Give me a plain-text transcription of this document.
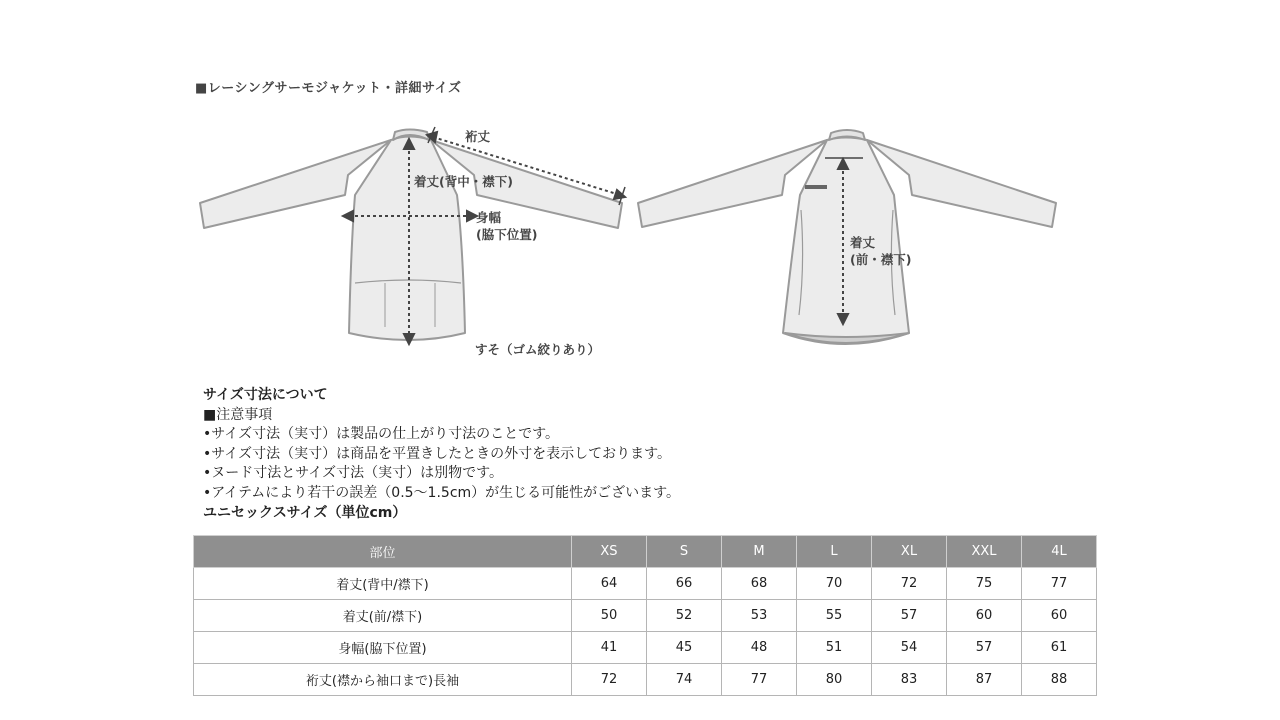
■レーシングサーモジャケット・詳細サイズ
裄丈
着丈(背中・襟下)
身幅
(脇下位置)
すそ（ゴム絞りあり）
着丈
(前・襟下)
サイズ寸法について
■注意事項
•サイズ寸法（実寸）は製品の仕上がり寸法のことです。
•サイズ寸法（実寸）は商品を平置きしたときの外寸を表示しております。
•ヌード寸法とサイズ寸法（実寸）は別物です。
•アイテムにより若干の誤差（0.5〜1.5cm）が生じる可能性がございます。
ユニセックスサイズ（単位cm）
部位	XS	S	M	L	XL	XXL	4L
着丈(背中/襟下)	64	66	68	70	72	75	77
着丈(前/襟下)	50	52	53	55	57	60	60
身幅(脇下位置)	41	45	48	51	54	57	61
裄丈(襟から袖口まで)長袖	72	74	77	80	83	87	88
